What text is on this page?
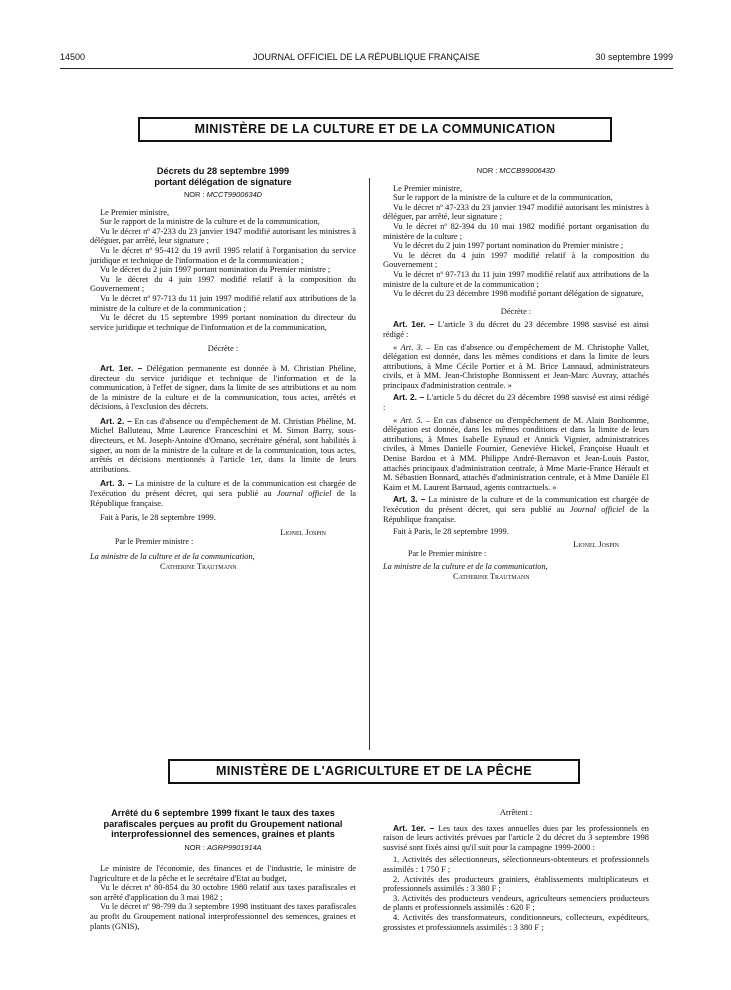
14500	JOURNAL OFFICIEL DE LA RÉPUBLIQUE FRANÇAISE	30 septembre 1999
MINISTÈRE DE LA CULTURE ET DE LA COMMUNICATION

Décrets du 28 septembre 1999
portant délégation de signature

NOR : MCCT9900634D

Le Premier ministre,

Sur le rapport de la ministre de la culture et de la communication,

Vu le décret nº 47-233 du 23 janvier 1947 modifié autorisant les ministres à déléguer, par arrêté, leur signature ;

Vu le décret nº 95-412 du 19 avril 1995 relatif à l'organisation du service juridique et technique de l'information et de la communication ;

Vu le décret du 2 juin 1997 portant nomination du Premier ministre ;

Vu le décret du 4 juin 1997 modifié relatif à la composition du Gouvernement ;

Vu le décret nº 97-713 du 11 juin 1997 modifié relatif aux attributions de la ministre de la culture et de la communication ;

Vu le décret du 15 septembre 1999 portant nomination du directeur du service juridique et technique de l'information et de la communication,

Décrète :

Art. 1er. – Délégation permanente est donnée à M. Christian Phéline, directeur du service juridique et technique de l'information et de la communication, à l'effet de signer, dans la limite de ses attributions et au nom de la ministre de la culture et de la communication, tous actes, arrêtés et décisions, à l'exclusion des décrets.

Art. 2. – En cas d'absence ou d'empêchement de M. Christian Phéline, M. Michel Balluteau, Mme Laurence Franceschini et M. Simon Barry, sous-directeurs, et M. Joseph-Antoine d'Ornano, secrétaire général, sont habilités à signer, au nom de la ministre de la culture et de la communication, tous actes, arrêtés et décisions mentionnés à l'article 1er, dans la limite de leurs attributions.

Art. 3. – La ministre de la culture et de la communication est chargée de l'exécution du présent décret, qui sera publié au Journal officiel de la République française.

Fait à Paris, le 28 septembre 1999.

Lionel Jospin

Par le Premier ministre :

La ministre de la culture et de la communication,

Catherine Trautmann

NOR : MCCB9900643D

Le Premier ministre,

Sur le rapport de la ministre de la culture et de la communication,

Vu le décret nº 47-233 du 23 janvier 1947 modifié autorisant les ministres à déléguer, par arrêté, leur signature ;

Vu le décret nº 82-394 du 10 mai 1982 modifié portant organisation du ministère de la culture ;

Vu le décret du 2 juin 1997 portant nomination du Premier ministre ;

Vu le décret du 4 juin 1997 modifié relatif à la composition du Gouvernement ;

Vu le décret nº 97-713 du 11 juin 1997 modifié relatif aux attributions de la ministre de la culture et de la communication ;

Vu le décret du 23 décembre 1998 modifié portant délégation de signature,

Décrète :

Art. 1er. – L'article 3 du décret du 23 décembre 1998 susvisé est ainsi rédigé :

« Art. 3. – En cas d'absence ou d'empêchement de M. Christophe Vallet, délégation est donnée, dans les mêmes conditions et dans la limite de leurs attributions, à Mme Cécile Portier et à M. Brice Lannaud, administrateurs civils, et à MM. Jean-Christophe Bonnissent et Jean-Marc Auvray, attachés principaux d'administration centrale. »

Art. 2. – L'article 5 du décret du 23 décembre 1998 susvisé est ainsi rédigé :

« Art. 5. – En cas d'absence ou d'empêchement de M. Alain Bonhomme, délégation est donnée, dans les mêmes conditions et dans la limite de leurs attributions, à Mmes Isabelle Eynaud et Annick Vignier, administratrices civiles, à Mmes Danielle Fournier, Geneviève Hickel, Françoise Huault et Denise Bardou et à MM. Philippe André-Bernavon et Jean-Louis Pastor, attachés principaux d'administration centrale, à Mme Marie-France Hérault et M. Sébastien Bonnard, attachés d'administration centrale, et à Mme Danièle El Kaim et M. Laurent Barnaud, agents contractuels. »

Art. 3. – La ministre de la culture et de la communication est chargée de l'exécution du présent décret, qui sera publié au Journal officiel de la République française.

Fait à Paris, le 28 septembre 1999.

Lionel Jospin

Par le Premier ministre :

La ministre de la culture et de la communication,

Catherine Trautmann

MINISTÈRE DE L'AGRICULTURE ET DE LA PÊCHE

Arrêté du 6 septembre 1999 fixant le taux des taxes parafiscales perçues au profit du Groupement national interprofessionnel des semences, graines et plants

NOR : AGRP9901914A

Le ministre de l'économie, des finances et de l'industrie, le ministre de l'agriculture et de la pêche et le secrétaire d'Etat au budget,

Vu le décret nº 80-854 du 30 octobre 1980 relatif aux taxes parafiscales et son arrêté d'application du 3 mai 1982 ;

Vu le décret nº 98-799 du 3 septembre 1998 instituant des taxes parafiscales au profit du Groupement national interprofessionnel des semences, graines et plants (GNIS),

Arrêtent :

Art. 1er. – Les taux des taxes annuelles dues par les professionnels en raison de leurs activités prévues par l'article 2 du décret du 3 septembre 1998 susvisé sont fixés ainsi qu'il suit pour la campagne 1999-2000 :

1. Activités des sélectionneurs, sélectionneurs-obtenteurs et professionnels assimilés : 1 750 F ;

2. Activités des producteurs grainiers, établissements multiplicateurs et professionnels assimilés : 3 380 F ;

3. Activités des producteurs vendeurs, agriculteurs semenciers producteurs de plants et professionnels assimilés : 620 F ;

4. Activités des transformateurs, conditionneurs, collecteurs, expéditeurs, grossistes et professionnels assimilés : 3 380 F ;
